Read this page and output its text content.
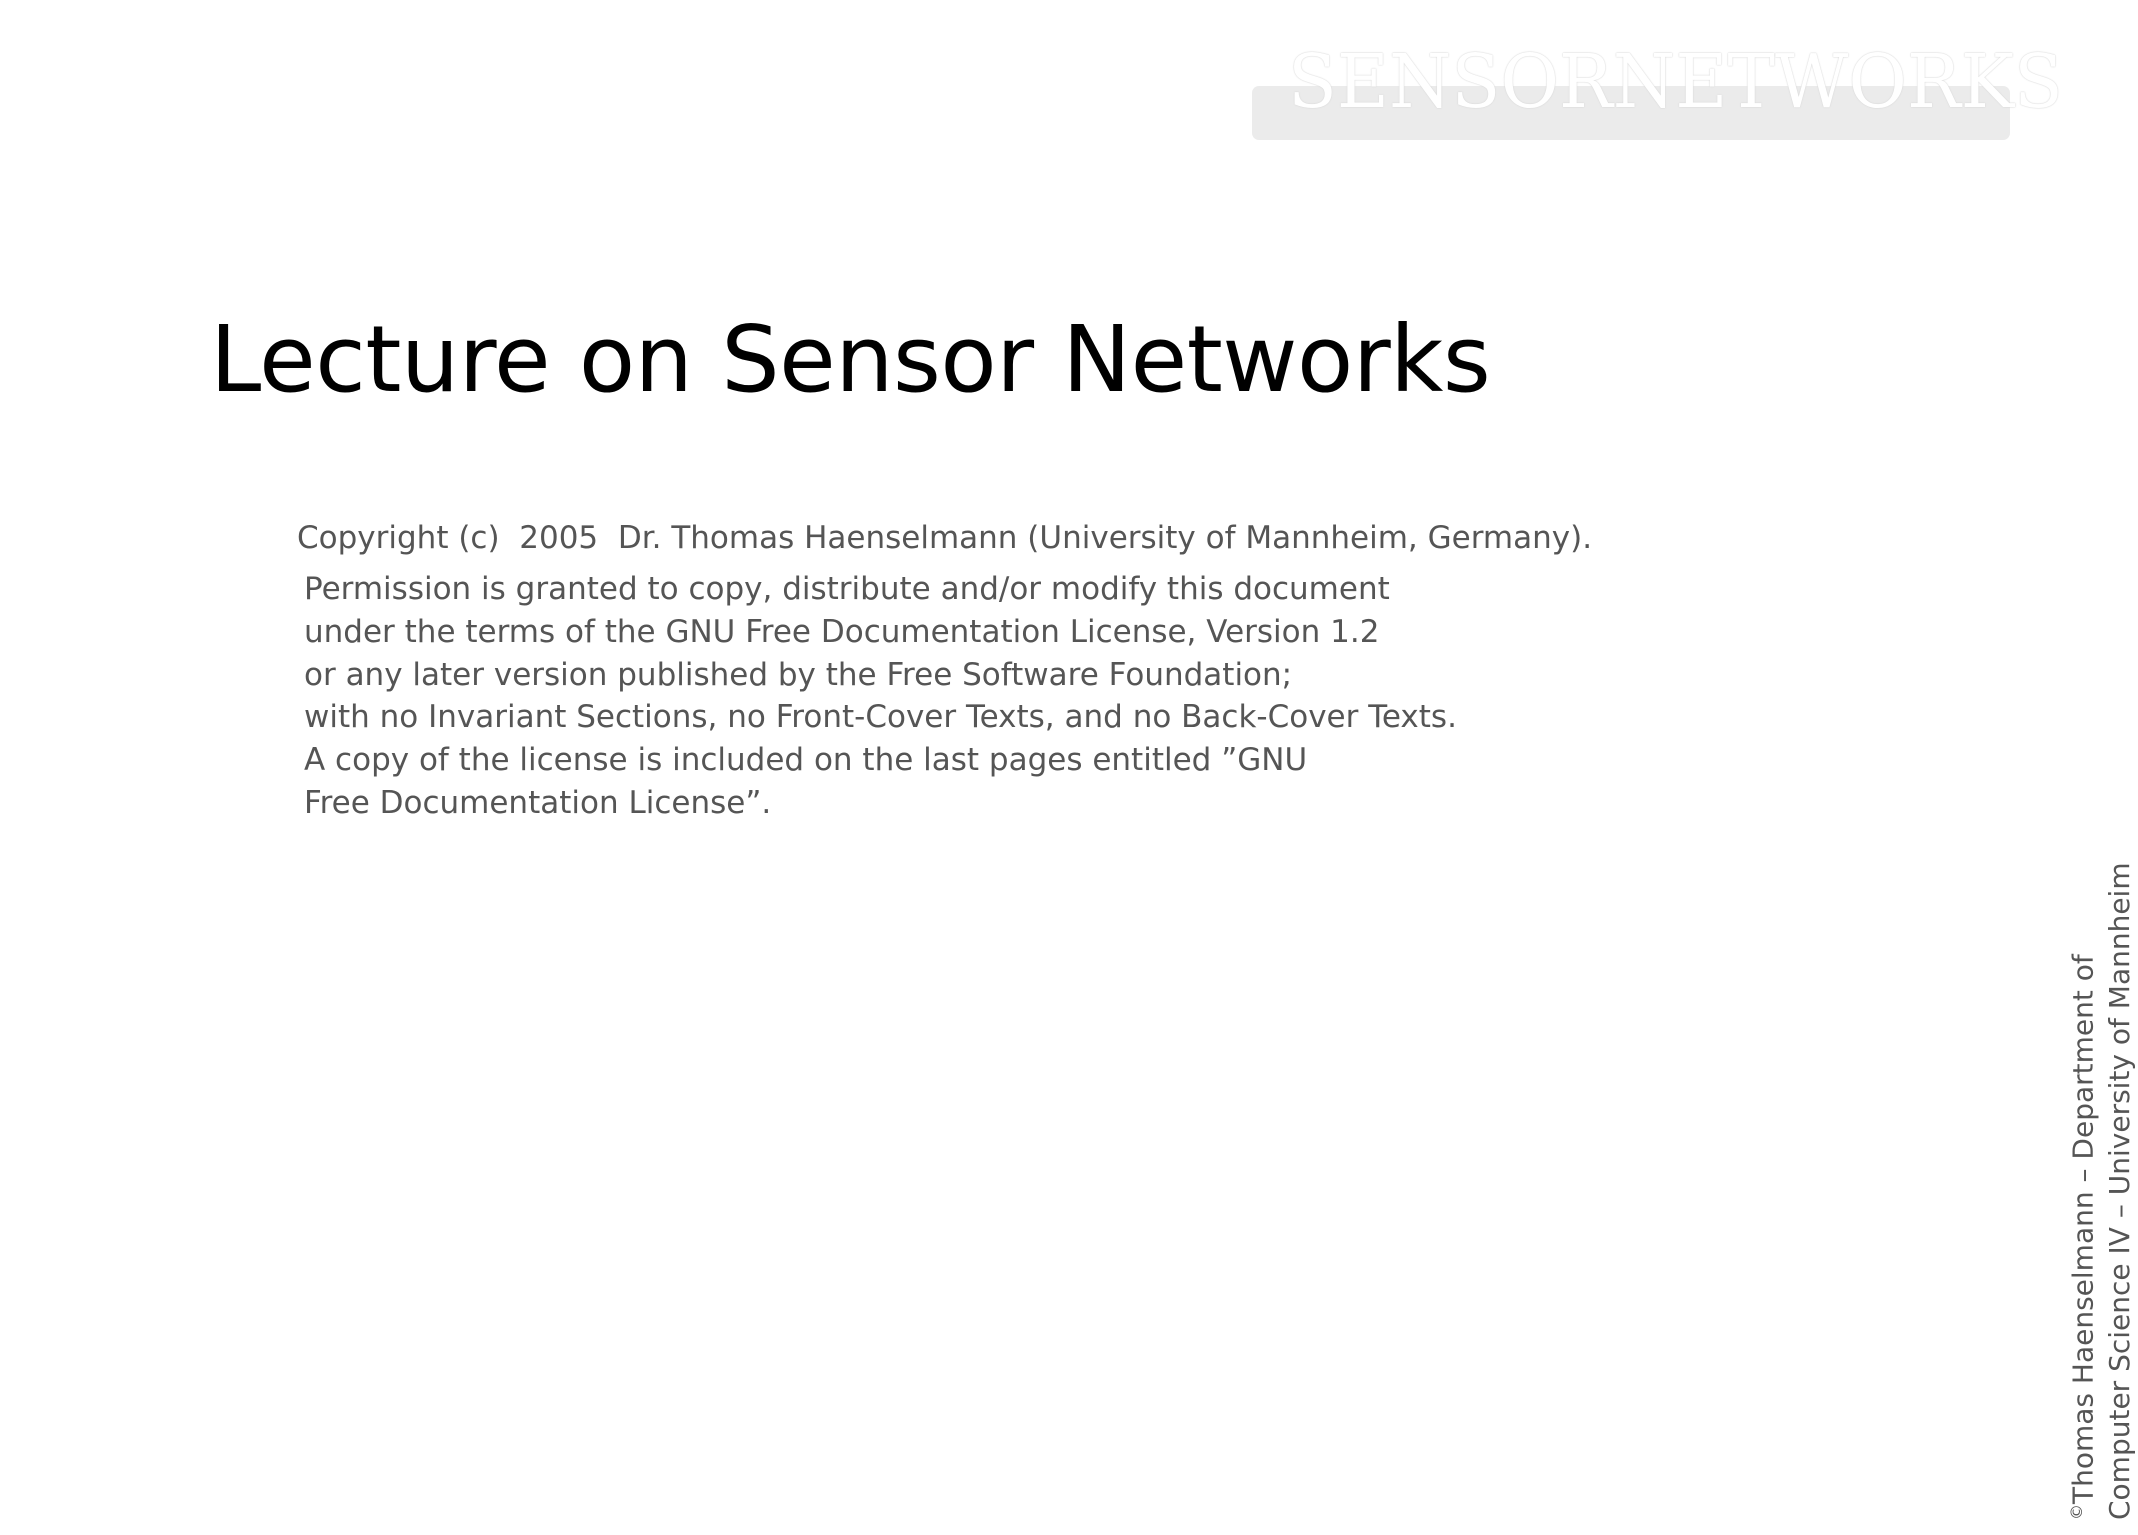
SENSORNETWORKS
Lecture on Sensor Networks
Copyright (c)  2005  Dr. Thomas Haenselmann (University of Mannheim, Germany).
Permission is granted to copy, distribute and/or modify this document
under the terms of the GNU Free Documentation License, Version 1.2
or any later version published by the Free Software Foundation;
with no Invariant Sections, no Front-Cover Texts, and no Back-Cover Texts.
A copy of the license is included on the last pages entitled ”GNU
Free Documentation License”.
©Thomas Haenselmann – Department of Computer Science IV – University of Mannheim
